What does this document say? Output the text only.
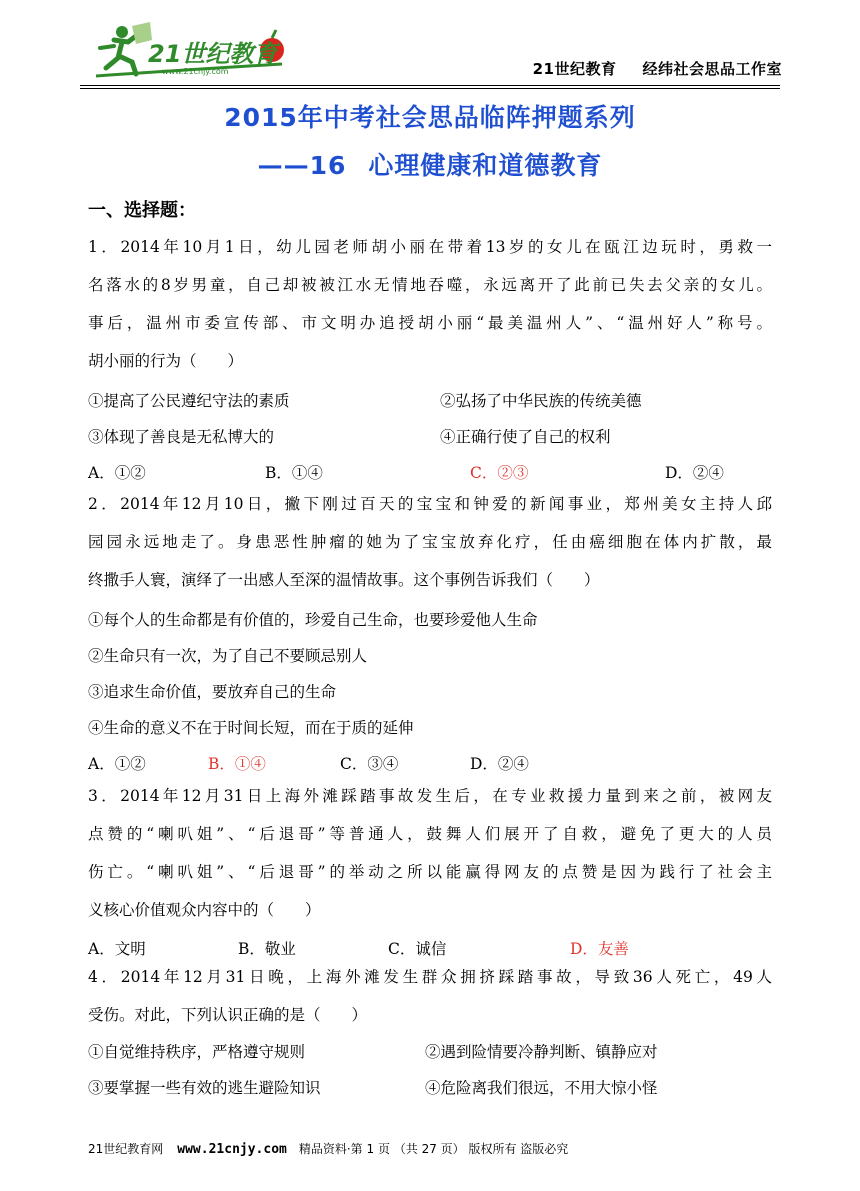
21世纪教育
www.21cnjy.com	21世纪教育 经纬社会思品工作室
2015年中考社会思品临阵押题系列
——16 心理健康和道德教育
一、选择题：
1．2014年10月1日，幼儿园老师胡小丽在带着13岁的女儿在瓯江边玩时，勇救一
名落水的8岁男童，自己却被被江水无情地吞噬，永远离开了此前已失去父亲的女儿。
事后，温州市委宣传部、市文明办追授胡小丽“最美温州人”、“温州好人”称号。
胡小丽的行为（　　）
①提高了公民遵纪守法的素质	②弘扬了中华民族的传统美德
③体现了善良是无私博大的	④正确行使了自己的权利
A．①②	B．①④	C．②③	D．②④
2．2014年12月10日，撇下刚过百天的宝宝和钟爱的新闻事业，郑州美女主持人邱
园园永远地走了。身患恶性肿瘤的她为了宝宝放弃化疗，任由癌细胞在体内扩散，最
终撒手人寰，演绎了一出感人至深的温情故事。这个事例告诉我们（　　）
①每个人的生命都是有价值的，珍爱自己生命，也要珍爱他人生命
②生命只有一次，为了自己不要顾忌别人
③追求生命价值，要放弃自己的生命
④生命的意义不在于时间长短，而在于质的延伸
A．①②	B．①④	C．③④	D．②④
3．2014年12月31日上海外滩踩踏事故发生后，在专业救援力量到来之前，被网友
点赞的“喇叭姐”、“后退哥”等普通人，鼓舞人们展开了自救，避免了更大的人员
伤亡。“喇叭姐”、“后退哥”的举动之所以能赢得网友的点赞是因为践行了社会主
义核心价值观众内容中的（　　）
A．文明	B．敬业	C．诚信	D．友善
4．2014年12月31日晚，上海外滩发生群众拥挤踩踏事故，导致36人死亡，49人
受伤。对此，下列认识正确的是（　　）
①自觉维持秩序，严格遵守规则	②遇到险情要冷静判断、镇静应对
③要掌握一些有效的逃生避险知识	④危险离我们很远，不用大惊小怪
21世纪教育网 www.21cnjy.com 精品资料·第 1 页 （共 27 页） 版权所有 盗版必究
